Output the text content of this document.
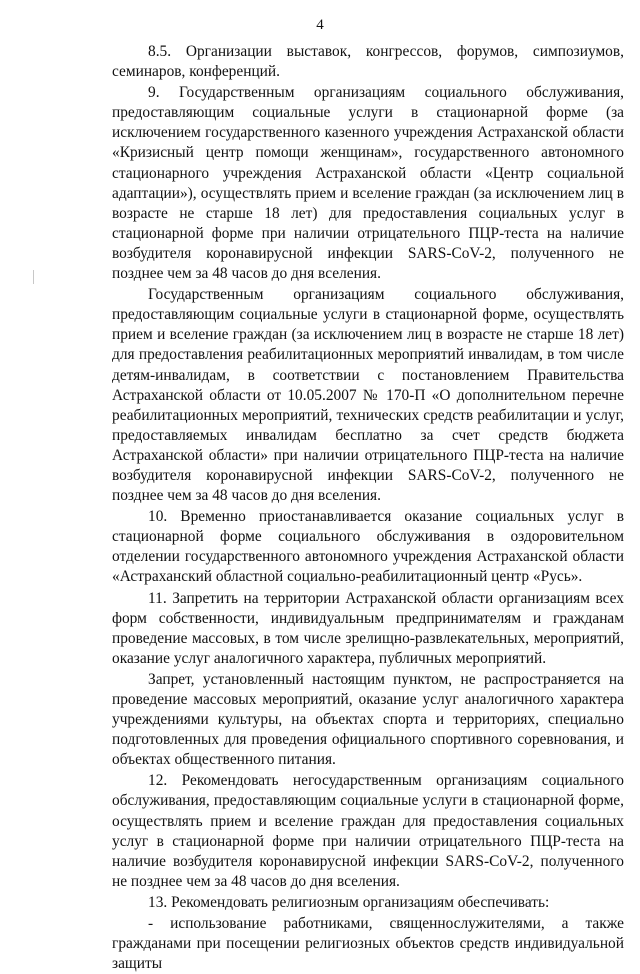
4

8.5. Организации выставок, конгрессов, форумов, симпозиумов, семинаров, конференций.

9. Государственным организациям социального обслуживания, предоставляющим социальные услуги в стационарной форме (за исключением государственного казенного учреждения Астраханской области «Кризисный центр помощи женщинам», государственного автономного стационарного учреждения Астраханской области «Центр социальной адаптации»), осуществлять прием и вселение граждан (за исключением лиц в возрасте не старше 18 лет) для предоставления социальных услуг в стационарной форме при наличии отрицательного ПЦР-теста на наличие возбудителя коронавирусной инфекции SARS-CoV-2, полученного не позднее чем за 48 часов до дня вселения.

Государственным организациям социального обслуживания, предоставляющим социальные услуги в стационарной форме, осуществлять прием и вселение граждан (за исключением лиц в возрасте не старше 18 лет) для предоставления реабилитационных мероприятий инвалидам, в том числе детям-инвалидам, в соответствии с постановлением Правительства Астраханской области от 10.05.2007 № 170-П «О дополнительном перечне реабилитационных мероприятий, технических средств реабилитации и услуг, предоставляемых инвалидам бесплатно за счет средств бюджета Астраханской области» при наличии отрицательного ПЦР-теста на наличие возбудителя коронавирусной инфекции SARS-CoV-2, полученного не позднее чем за 48 часов до дня вселения.

10. Временно приостанавливается оказание социальных услуг в стационарной форме социального обслуживания в оздоровительном отделении государственного автономного учреждения Астраханской области «Астраханский областной социально-реабилитационный центр «Русь».

11. Запретить на территории Астраханской области организациям всех форм собственности, индивидуальным предпринимателям и гражданам проведение массовых, в том числе зрелищно-развлекательных, мероприятий, оказание услуг аналогичного характера, публичных мероприятий.

Запрет, установленный настоящим пунктом, не распространяется на проведение массовых мероприятий, оказание услуг аналогичного характера учреждениями культуры, на объектах спорта и территориях, специально подготовленных для проведения официального спортивного соревнования, и объектах общественного питания.

12. Рекомендовать негосударственным организациям социального обслуживания, предоставляющим социальные услуги в стационарной форме, осуществлять прием и вселение граждан для предоставления социальных услуг в стационарной форме при наличии отрицательного ПЦР-теста на наличие возбудителя коронавирусной инфекции SARS-CoV-2, полученного не позднее чем за 48 часов до дня вселения.

13. Рекомендовать религиозным организациям обеспечивать:

- использование работниками, священнослужителями, а также гражданами при посещении религиозных объектов средств индивидуальной защиты
